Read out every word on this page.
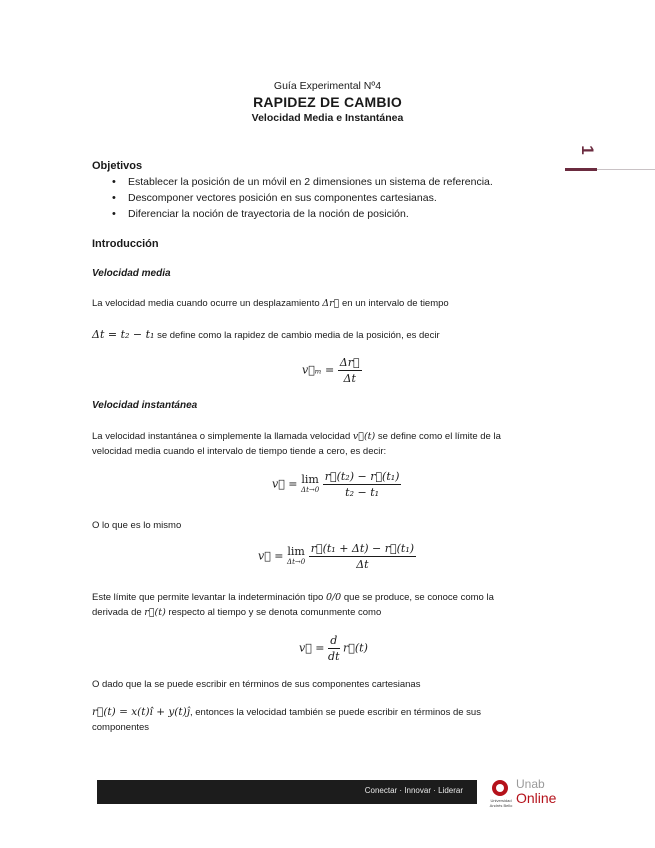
Guía Experimental Nº4
RAPIDEZ DE CAMBIO
Velocidad Media e Instantánea
1
Objetivos
• Establecer la posición de un móvil en 2 dimensiones un sistema de referencia.
• Descomponer vectores posición en sus componentes cartesianas.
• Diferenciar la noción de trayectoria de la noción de posición.
Introducción
Velocidad media
La velocidad media cuando ocurre un desplazamiento Δr⃗ en un intervalo de tiempo
Δt = t₂ − t₁ se define como la rapidez de cambio media de la posición, es decir
v⃗ₘ = $\frac{\Delta r⃗}{\Delta t}$
Velocidad instantánea
La velocidad instantánea o simplemente la llamada velocidad v⃗(t) se define como el límite de la
velocidad media cuando el intervalo de tiempo tiende a cero, es decir:
v⃗ = lim
Δt→0
$\frac{\text{r⃗(t₂) − r⃗(t₁)}}{\text{t₂ − t₁}}$
O lo que es lo mismo
v⃗ = lim
Δt→0
$\frac{\text{r⃗(t₁ + Δt) − r⃗(t₁)}}{\Delta t}$
Este límite que permite levantar la indeterminación tipo 0/0 que se produce, se conoce como la
derivada de r⃗(t) respecto al tiempo y se denota comunmente como
v⃗ = $\frac{d}{dt}$ r⃗(t)
O dado que la se puede escribir en términos de sus componentes cartesianas
r⃗(t) = x(t)î + y(t)ĵ, entonces la velocidad también se puede escribir en términos de sus
componentes
Conectar · Innovar · Liderar
Universidad Andrés Bello
Unab
Online
